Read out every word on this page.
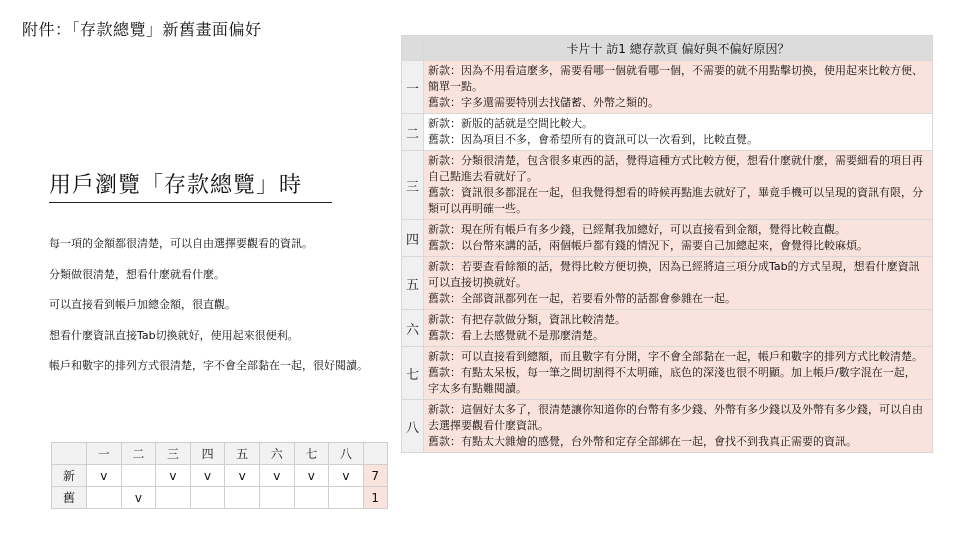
附件：「存款總覽」新舊畫面偏好
用戶瀏覽「存款總覽」時
每一項的金額都很清楚，可以自由選擇要觀看的資訊。
分類做很清楚，想看什麼就看什麼。
可以直接看到帳戶加總金額，很直觀。
想看什麼資訊直接Tab切換就好，使用起來很便利。
帳戶和數字的排列方式很清楚，字不會全部黏在一起，很好閱讀。
	一	二	三	四	五	六	七	八	
新	v		v	v	v	v	v	v	7
舊		v							1
	卡片十 訪1 總存款頁 偏好與不偏好原因？
一	新款：因為不用看這麼多，需要看哪一個就看哪一個，不需要的就不用點擊切換，使用起來比較方便、簡單一點。

舊款：字多還需要特別去找儲蓄、外幣之類的。

二	新款：新版的話就是空間比較大。

舊款：因為項目不多，會希望所有的資訊可以一次看到，比較直覺。

三	新款：分類很清楚，包含很多東西的話，覺得這種方式比較方便，想看什麼就什麼，需要細看的項目再自己點進去看就好了。

舊款：資訊很多都混在一起，但我覺得想看的時候再點進去就好了，畢竟手機可以呈現的資訊有限，分類可以再明確一些。

四	新款：現在所有帳戶有多少錢，已經幫我加總好，可以直接看到金額，覺得比較直觀。

舊款：以台幣來講的話，兩個帳戶都有錢的情況下，需要自己加總起來，會覺得比較麻煩。

五	新款：若要查看餘額的話，覺得比較方便切換，因為已經將這三項分成Tab的方式呈現，想看什麼資訊可以直接切換就好。

舊款：全部資訊都列在一起，若要看外幣的話都會參雜在一起。

六	新款：有把存款做分類，資訊比較清楚。

舊款：看上去感覺就不是那麼清楚。

七	新款：可以直接看到總額，而且數字有分開，字不會全部黏在一起，帳戶和數字的排列方式比較清楚。

舊款：有點太呆板，每一筆之間切割得不太明確，底色的深淺也很不明顯。加上帳戶/數字混在一起，字太多有點難閱讀。

八	新款：這個好太多了，很清楚讓你知道你的台幣有多少錢、外幣有多少錢以及外幣有多少錢，可以自由去選擇要觀看什麼資訊。

舊款：有點太大雜燴的感覺，台外幣和定存全部綁在一起，會找不到我真正需要的資訊。
